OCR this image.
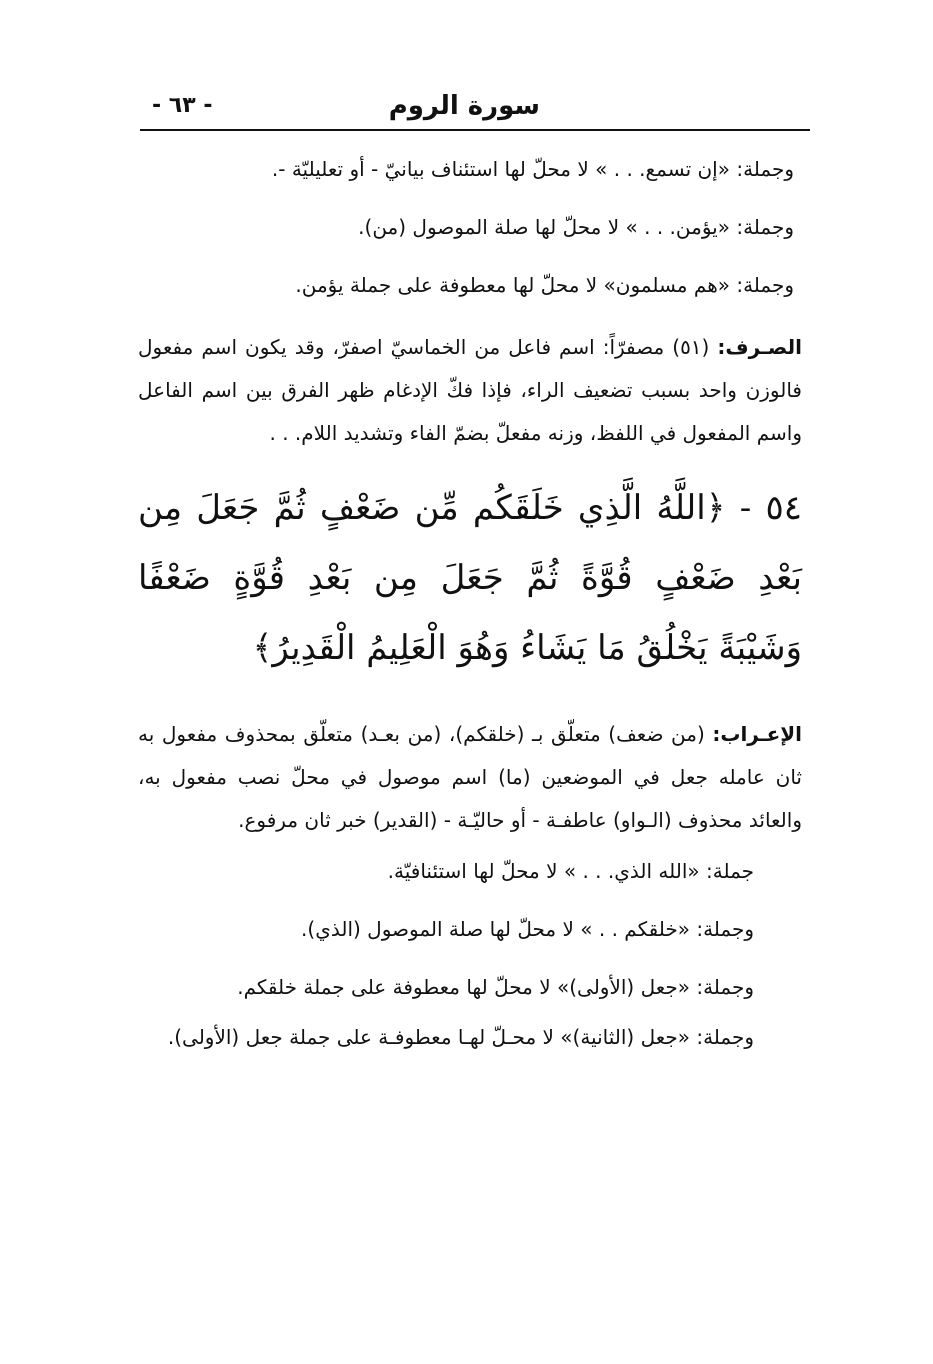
سورة الروم
- ٦٣ -
وجملة: «إن تسمع. . . » لا محلّ لها استئناف بيانيّ - أو تعليليّة -.
وجملة: «يؤمن. . . » لا محلّ لها صلة الموصول (من).
وجملة: «هم مسلمون» لا محلّ لها معطوفة على جملة يؤمن.
الصـرف: (٥١) مصفرّاً: اسم فاعل من الخماسيّ اصفرّ، وقد يكون اسم مفعول فالوزن واحد بسبب تضعيف الراء، فإذا فكّ الإدغام ظهر الفرق بين اسم الفاعل واسم المفعول في اللفظ، وزنه مفعلّ بضمّ الفاء وتشديد اللام. . .
٥٤ - ﴿اللَّهُ الَّذِي خَلَقَكُم مِّن ضَعْفٍ ثُمَّ جَعَلَ مِن بَعْدِ ضَعْفٍ قُوَّةً ثُمَّ جَعَلَ مِن بَعْدِ قُوَّةٍ ضَعْفًا وَشَيْبَةً يَخْلُقُ مَا يَشَاءُ وَهُوَ الْعَلِيمُ الْقَدِيرُ﴾
الإعـراب: (من ضعف) متعلّق بـ (خلقكم)، (من بعـد) متعلّق بمحذوف مفعول به ثان عامله جعل في الموضعين (ما) اسم موصول في محلّ نصب مفعول به، والعائد محذوف (الـواو) عاطفـة - أو حاليّـة - (القدير) خبر ثان مرفوع.
جملة: «الله الذي. . . » لا محلّ لها استئنافيّة.
وجملة: «خلقكم . . » لا محلّ لها صلة الموصول (الذي).
وجملة: «جعل (الأولى)» لا محلّ لها معطوفة على جملة خلقكم.
وجملة: «جعل (الثانية)» لا محـلّ لهـا معطوفـة على جملة جعل (الأولى).
